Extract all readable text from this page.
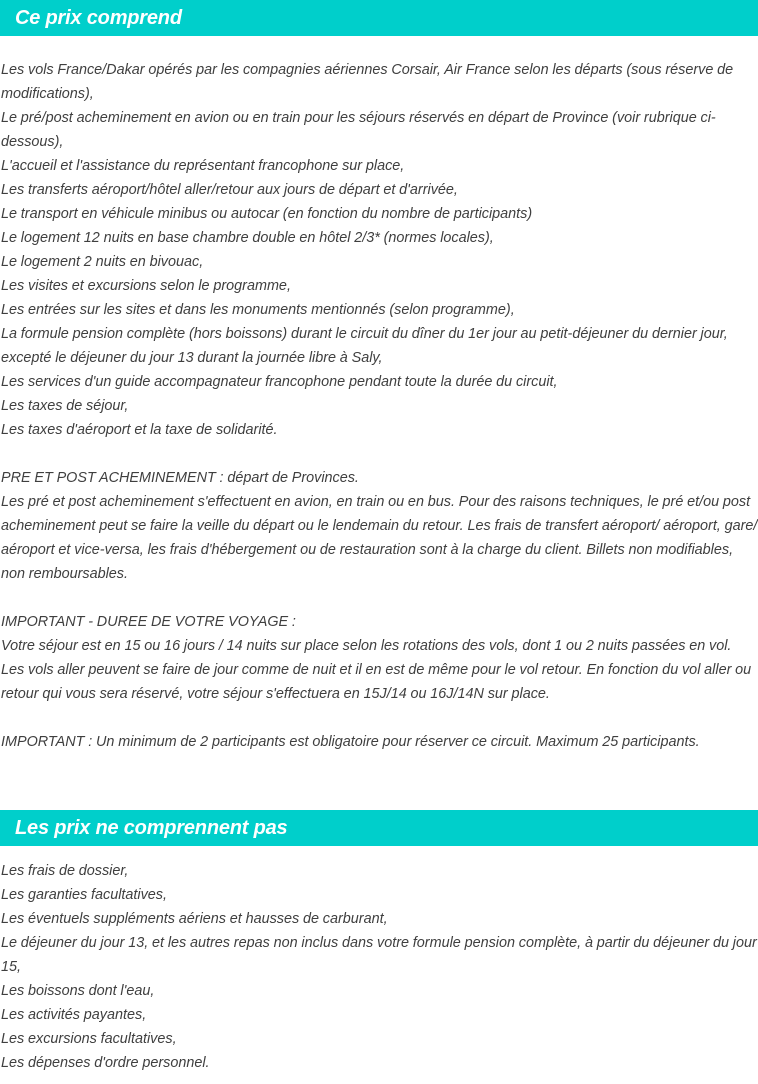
Ce prix comprend

Les vols France/Dakar opérés par les compagnies aériennes Corsair, Air France selon les départs (sous réserve de modifications),

Le pré/post acheminement en avion ou en train pour les séjours réservés en départ de Province (voir rubrique ci-dessous),

L'accueil et l'assistance du représentant francophone sur place,

Les transferts aéroport/hôtel aller/retour aux jours de départ et d'arrivée,

Le transport en véhicule minibus ou autocar (en fonction du nombre de participants)

Le logement 12 nuits en base chambre double en hôtel 2/3* (normes locales),

Le logement 2 nuits en bivouac,

Les visites et excursions selon le programme,

Les entrées sur les sites et dans les monuments mentionnés (selon programme),

La formule pension complète (hors boissons) durant le circuit du dîner du 1er jour au petit-déjeuner du dernier jour, excepté le déjeuner du jour 13 durant la journée libre à Saly,

Les services d'un guide accompagnateur francophone pendant toute la durée du circuit,

Les taxes de séjour,

Les taxes d'aéroport et la taxe de solidarité.

PRE ET POST ACHEMINEMENT : départ de Provinces.

Les pré et post acheminement s'effectuent en avion, en train ou en bus. Pour des raisons techniques, le pré et/ou post acheminement peut se faire la veille du départ ou le lendemain du retour. Les frais de transfert aéroport/ aéroport, gare/ aéroport et vice-versa, les frais d'hébergement ou de restauration sont à la charge du client. Billets non modifiables, non remboursables.

IMPORTANT - DUREE DE VOTRE VOYAGE :

Votre séjour est en 15 ou 16 jours / 14 nuits sur place selon les rotations des vols, dont 1 ou 2 nuits passées en vol. Les vols aller peuvent se faire de jour comme de nuit et il en est de même pour le vol retour. En fonction du vol aller ou retour qui vous sera réservé, votre séjour s'effectuera en 15J/14 ou 16J/14N sur place.

IMPORTANT : Un minimum de 2 participants est obligatoire pour réserver ce circuit. Maximum 25 participants.

Les prix ne comprennent pas

Les frais de dossier,

Les garanties facultatives,

Les éventuels suppléments aériens et hausses de carburant,

Le déjeuner du jour 13, et les autres repas non inclus dans votre formule pension complète, à partir du déjeuner du jour 15,

Les boissons dont l'eau,

Les activités payantes,

Les excursions facultatives,

Les dépenses d'ordre personnel.
